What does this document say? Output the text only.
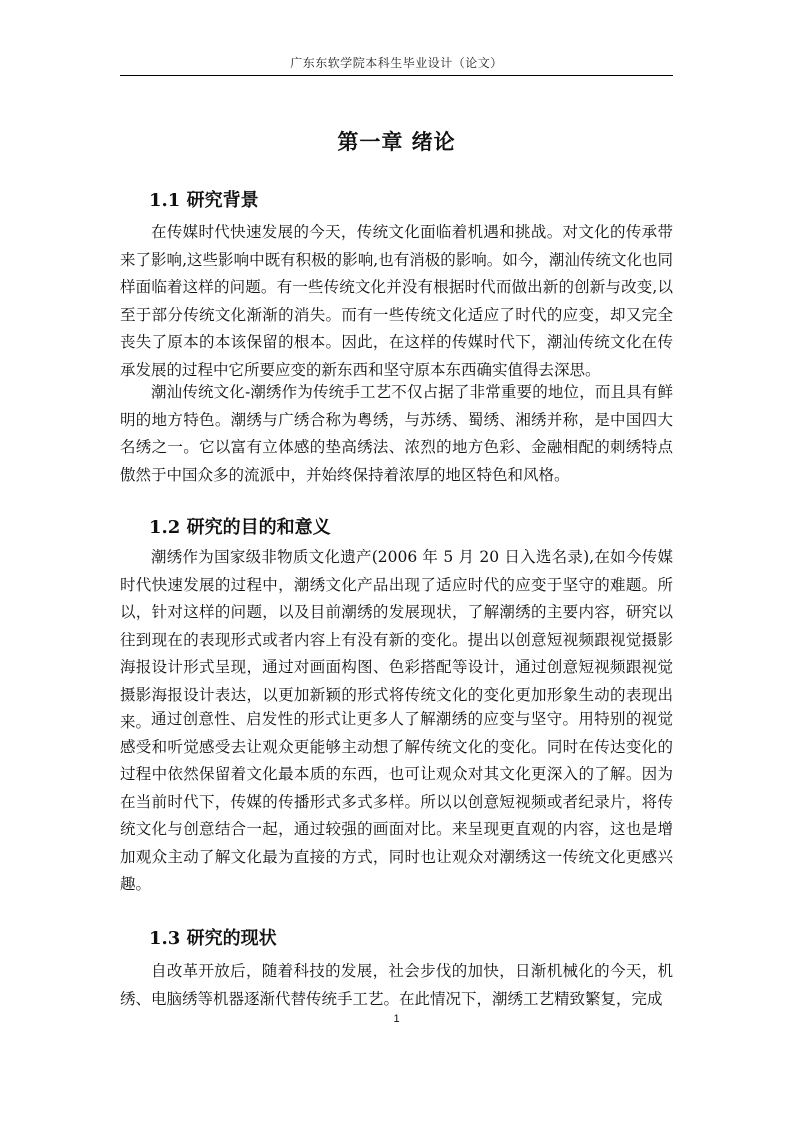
广东东软学院本科生毕业设计（论文）
第一章 绪论
1.1 研究背景

在传媒时代快速发展的今天，传统文化面临着机遇和挑战。对文化的传承带来了影响,这些影响中既有积极的影响,也有消极的影响。如今，潮汕传统文化也同样面临着这样的问题。有一些传统文化并没有根据时代而做出新的创新与改变,以至于部分传统文化渐渐的消失。而有一些传统文化适应了时代的应变，却又完全丧失了原本的本该保留的根本。因此，在这样的传媒时代下，潮汕传统文化在传承发展的过程中它所要应变的新东西和坚守原本东西确实值得去深思。

潮汕传统文化-潮绣作为传统手工艺不仅占据了非常重要的地位，而且具有鲜明的地方特色。潮绣与广绣合称为粤绣，与苏绣、蜀绣、湘绣并称，是中国四大名绣之一。它以富有立体感的垫高绣法、浓烈的地方色彩、金融相配的刺绣特点傲然于中国众多的流派中，并始终保持着浓厚的地区特色和风格。

1.2 研究的目的和意义

潮绣作为国家级非物质文化遗产(2006 年 5 月 20 日入选名录),在如今传媒时代快速发展的过程中，潮绣文化产品出现了适应时代的应变于坚守的难题。所以，针对这样的问题，以及目前潮绣的发展现状，了解潮绣的主要内容，研究以往到现在的表现形式或者内容上有没有新的变化。提出以创意短视频跟视觉摄影海报设计形式呈现，通过对画面构图、色彩搭配等设计，通过创意短视频跟视觉摄影海报设计表达，以更加新颖的形式将传统文化的变化更加形象生动的表现出来。 通过创意性、启发性的形式让更多人了解潮绣的应变与坚守。用特别的视觉感受和听觉感受去让观众更能够主动想了解传统文化的变化。同时在传达变化的过程中依然保留着文化最本质的东西，也可让观众对其文化更深入的了解。因为在当前时代下，传媒的传播形式多式多样。所以以创意短视频或者纪录片，将传统文化与创意结合一起，通过较强的画面对比。来呈现更直观的内容，这也是增加观众主动了解文化最为直接的方式，同时也让观众对潮绣这一传统文化更感兴趣。

1.3 研究的现状

自改革开放后，随着科技的发展，社会步伐的加快，日渐机械化的今天，机绣、电脑绣等机器逐渐代替传统手工艺。在此情况下，潮绣工艺精致繁复，完成

1
